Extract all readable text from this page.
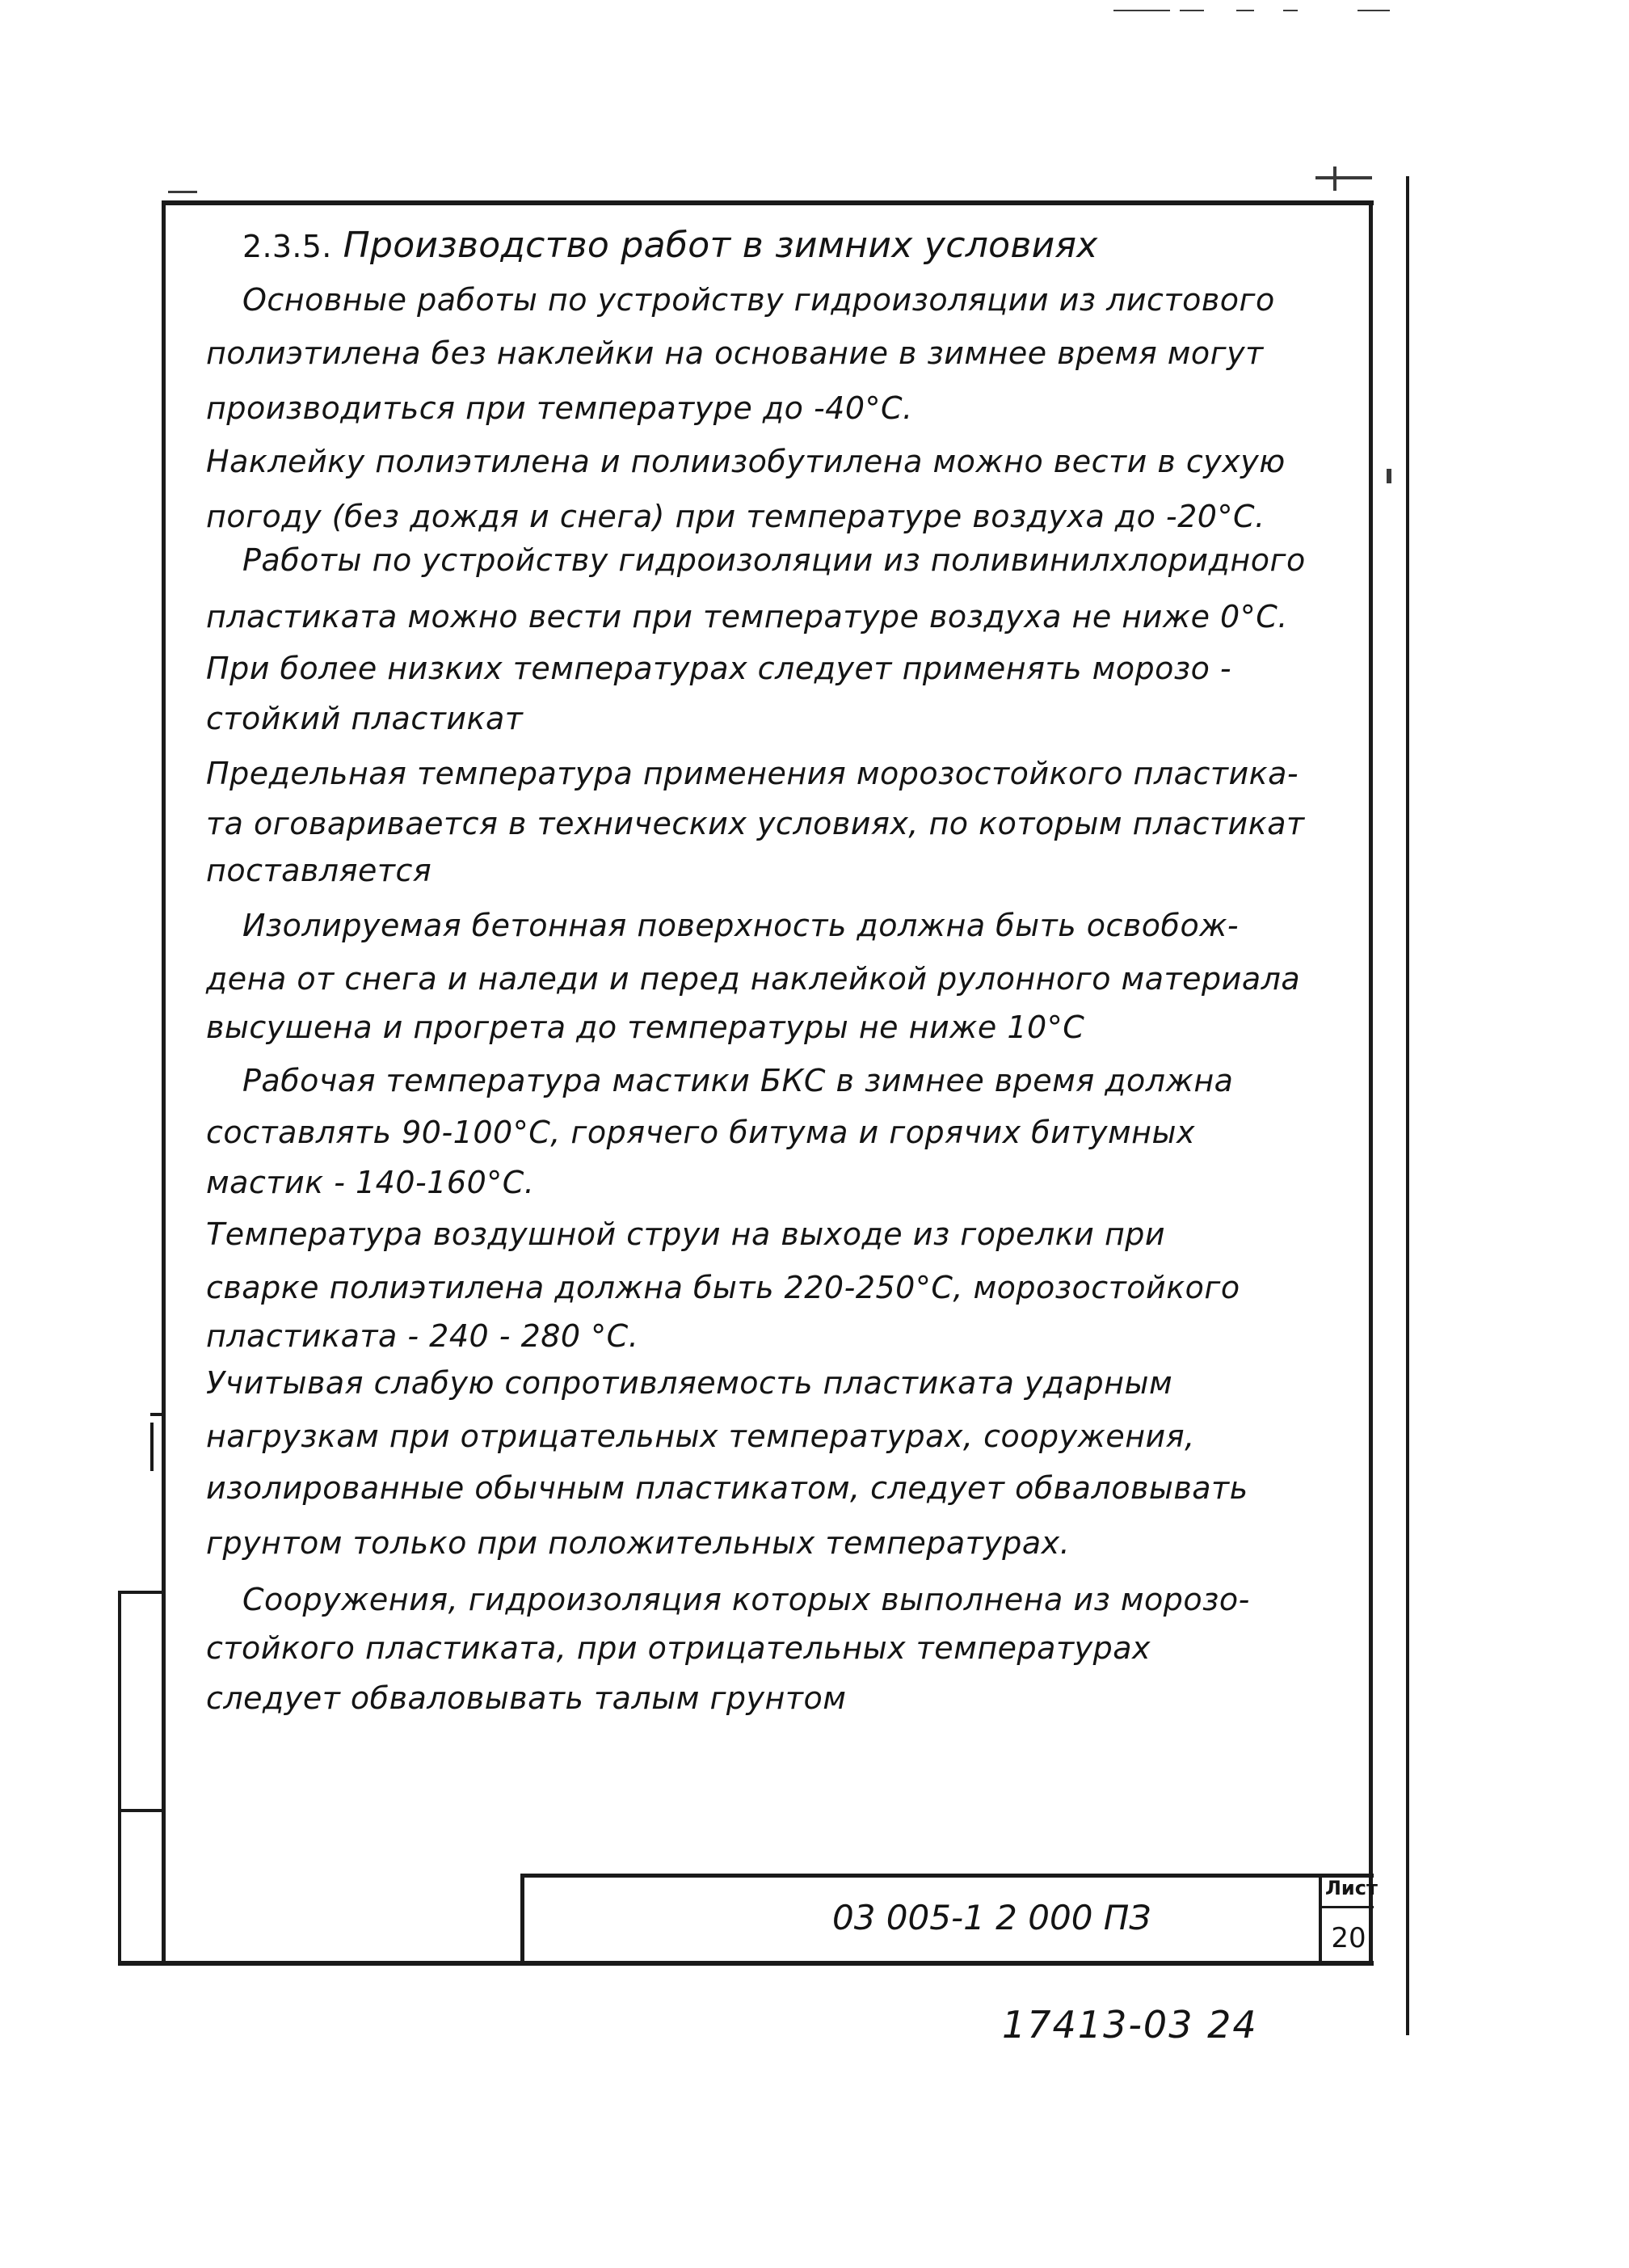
2.3.5. Производство работ в зимних условиях
Основные работы по устройству гидроизоляции из листового
полиэтилена без наклейки на основание в зимнее время могут
производиться при температуре до -40°С.
Наклейку полиэтилена и полиизобутилена можно вести в сухую
погоду (без дождя и снега) при температуре воздуха до -20°С.
Работы по устройству гидроизоляции из поливинилхлоридного
пластиката можно вести при температуре воздуха не ниже 0°С.
При более низких температурах следует применять морозо -
стойкий пластикат
Предельная температура применения морозостойкого пластика-
та оговаривается в технических условиях, по которым пластикат
поставляется
Изолируемая бетонная поверхность должна быть освобож-
дена от снега и наледи и перед наклейкой рулонного материала
высушена и прогрета до температуры не ниже 10°С
Рабочая температура мастики БКС в зимнее время должна
составлять 90-100°С, горячего битума и горячих битумных
мастик - 140-160°С.
Температура воздушной струи на выходе из горелки при
сварке полиэтилена должна быть 220-250°С, морозостойкого
пластиката - 240 - 280 °С.
Учитывая слабую сопротивляемость пластиката ударным
нагрузкам при отрицательных температурах, сооружения,
изолированные обычным пластикатом, следует обваловывать
грунтом только при положительных температурах.
Сооружения, гидроизоляция которых выполнена из морозо-
стойкого пластиката, при отрицательных температурах
следует обваловывать талым грунтом
03 005-1 2 000 ПЗ
Лист
20
17413-03 24
